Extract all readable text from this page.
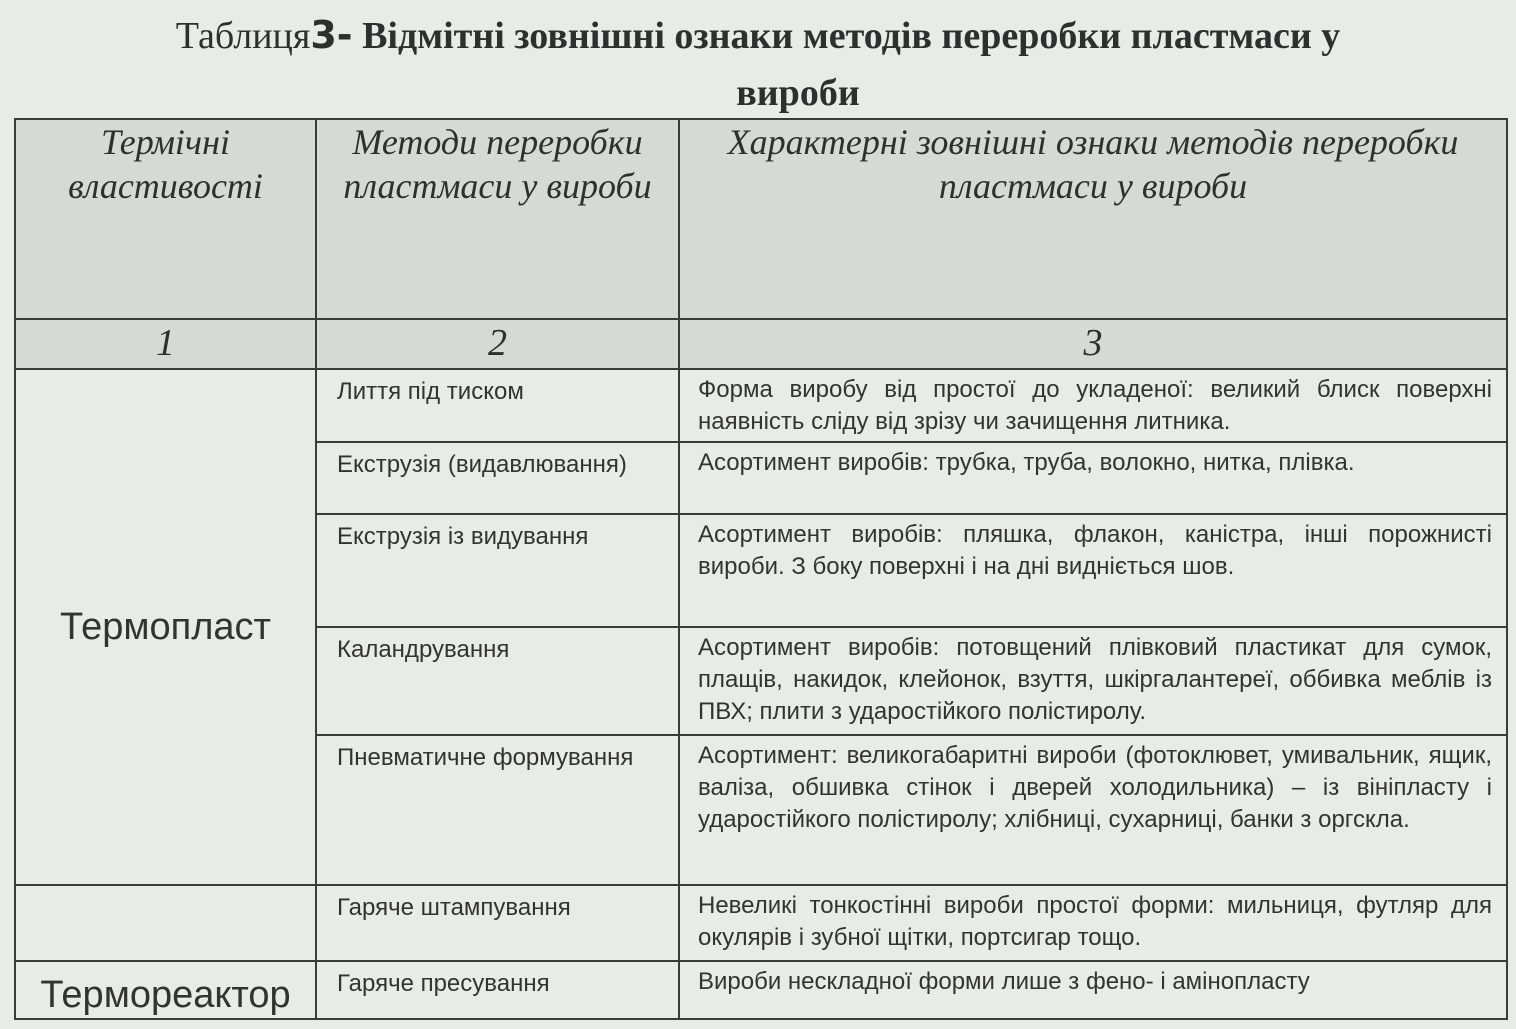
Таблиця3- Відмітні зовнішні ознаки методів переробки пластмаси у
вироби
Термічні властивості	Методи переробки пластмаси у вироби	Характерні зовнішні ознаки методів переробки пластмаси у вироби
1	2	3
Термопласт	Лиття під тиском	Форма виробу від простої до укладеної: великий блиск поверхні наявність сліду від зрізу чи зачищення литника.
	Екструзія (видавлювання)	Асортимент виробів: трубка, труба, волокно, нитка, плівка.
	Екструзія із видування	Асортимент виробів: пляшка, флакон, каністра, інші порожнисті вироби. З боку поверхні і на дні видніється шов.
	Каландрування	Асортимент виробів: потовщений плівковий пластикат для сумок, плащів, накидок, клейонок, взуття, шкіргалантереї, оббивка меблів із ПВХ; плити з ударостійкого полістиролу.
	Пневматичне формування	Асортимент: великогабаритні вироби (фотоклювет, умивальник, ящик, валіза, обшивка стінок і дверей холодильника) – із вініпласту і ударостійкого полістиролу; хлібниці, сухарниці, банки з оргскла.
	Гаряче штампування	Невеликі тонкостінні вироби простої форми: мильниця, футляр для окулярів і зубної щітки, портсигар тощо.
Термореактор	Гаряче пресування	Вироби нескладної форми лише з фено- і амінопласту
